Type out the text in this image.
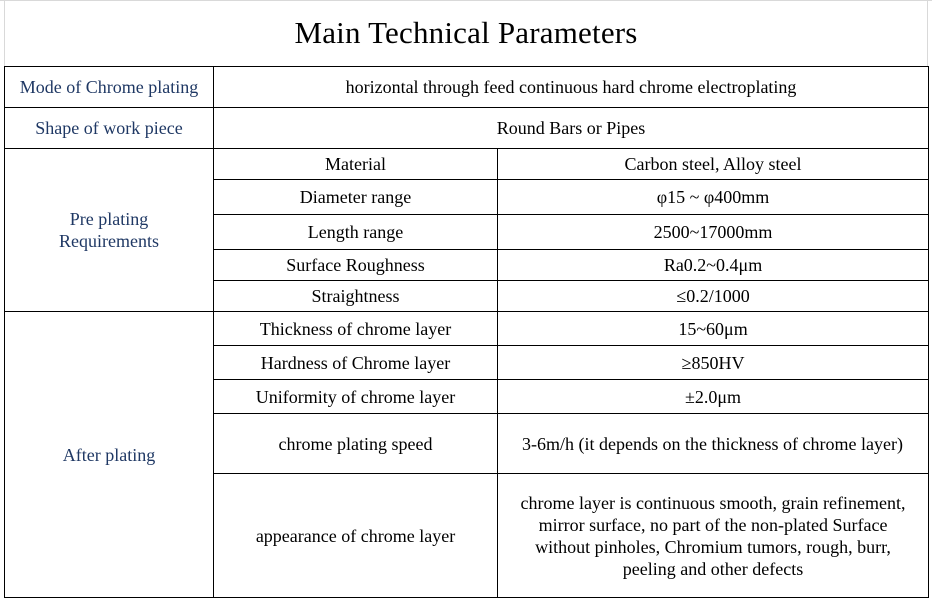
Main Technical Parameters
Mode of Chrome plating	horizontal through feed continuous hard chrome electroplating	
Shape of work piece	Round Bars or Pipes	

Pre plating
Requirements	Material	Carbon steel, Alloy steel
	Diameter range	φ15 ~ φ400mm
	Length range	2500~17000mm
	Surface Roughness	Ra0.2~0.4μm
	Straightness	≤0.2/1000
After plating	Thickness of chrome layer	15~60μm
	Hardness of Chrome layer	≥850HV
	Uniformity of chrome layer	±2.0μm
	chrome plating speed	3-6m/h (it depends on the thickness of chrome layer)
	appearance of chrome layer	chrome layer is continuous smooth, grain refinement,
mirror surface, no part of the non-plated Surface
without pinholes, Chromium tumors, rough, burr,
peeling and other defects
